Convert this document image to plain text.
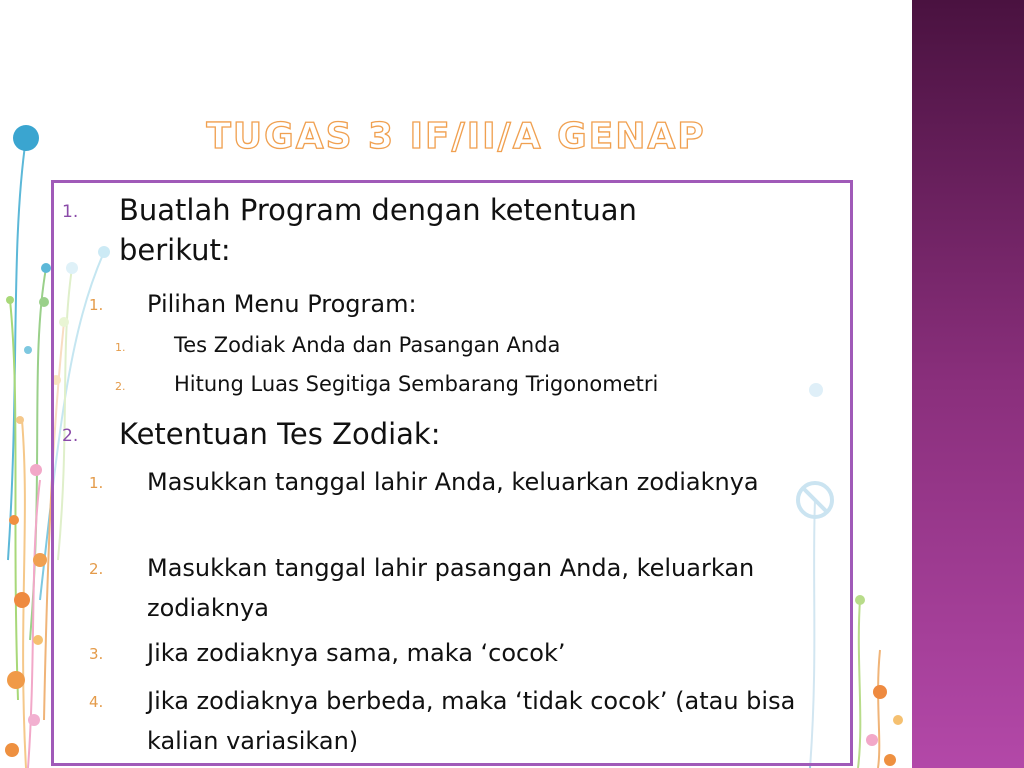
TUGAS 3 IF/II/A GENAP
1. Buatlah Program dengan ketentuan berikut:
1. Pilihan Menu Program:
1. Tes Zodiak Anda dan Pasangan Anda
2. Hitung Luas Segitiga Sembarang Trigonometri
2. Ketentuan Tes Zodiak:
1. Masukkan tanggal lahir Anda, keluarkan zodiaknya
2. Masukkan tanggal lahir pasangan Anda, keluarkan zodiaknya
3. Jika zodiaknya sama, maka ‘cocok’
4. Jika zodiaknya berbeda, maka ‘tidak cocok’ (atau bisa kalian variasikan)
